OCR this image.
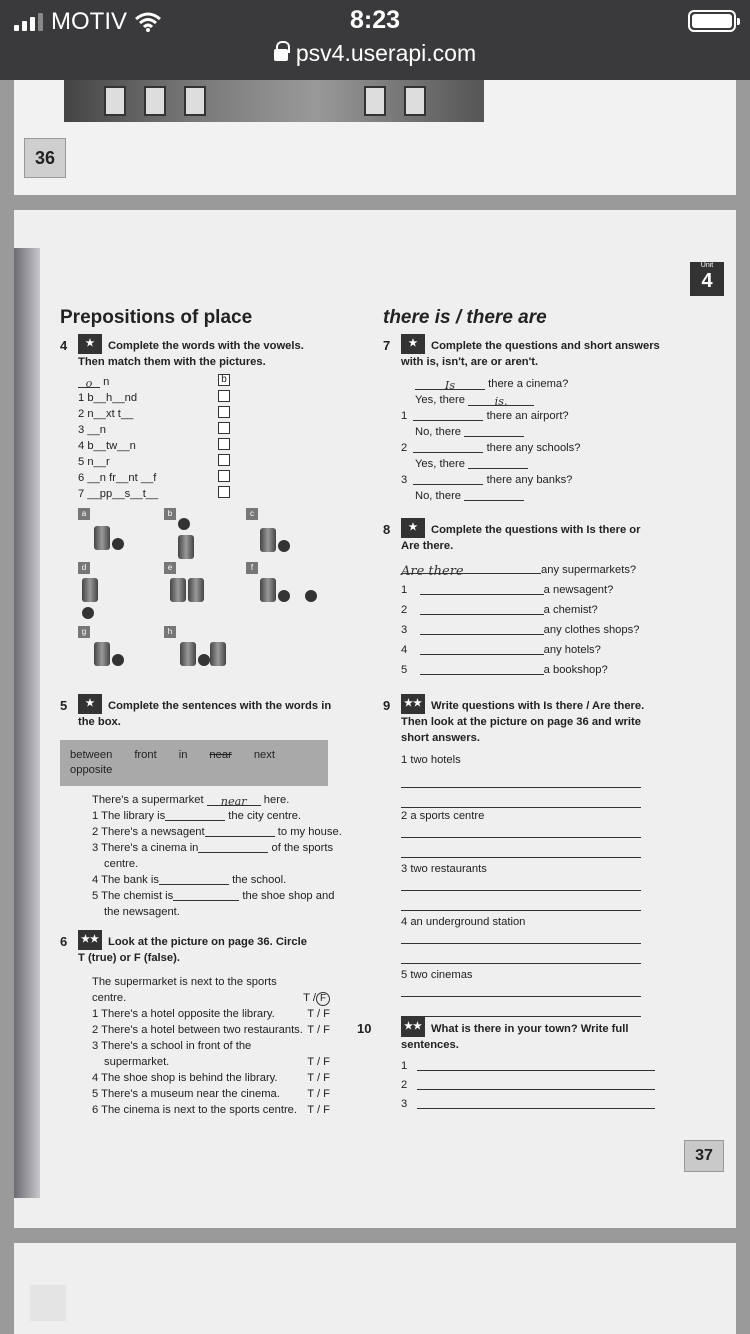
MOTIV	8:23
psv4.userapi.com
36
Unit
4
Prepositions of place
4	★	Complete the words with the vowels.
Then match them with the pictures.
o n	b
1 b__h__nd
2 n__xt t__
3 __n
4 b__tw__n
5 n__r
6 __n fr__nt __f
7 __pp__s__t__
a	b	c

d	e	f

g	h
5	★	Complete the sentences with the words in
the box.
between front in near next
opposite
There's a supermarket near here.
1 The library is	the city centre.
2 There's a newsagent	to my house.
3 There's a cinema in	of the sports
centre.
4 The bank is	the school.
5 The chemist is	the shoe shop and
the newsagent.
6	★★ Look at the picture on page 36. Circle
T (true) or F (false).
The supermarket is next to the sports
centre.	T / F
1 There's a hotel opposite the library.	T / F
2 There's a hotel between two restaurants. T / F
3 There's a school in front of the
supermarket.	T / F
4 The shoe shop is behind the library.	T / F
5 There's a museum near the cinema. T / F
6 The cinema is next to the sports centre. T / F
there is / there are
7	★	Complete the questions and short answers
with is, isn't, are or aren't.
Is	there a cinema?
Yes, there	is.
1	there an airport?
No, there
2	there any schools?
Yes, there
3	there any banks?
No, there
8	★	Complete the questions with Is there or
Are there.
Are there	any supermarkets?
1	a newsagent?
2	a chemist?
3	any clothes shops?
4	any hotels?
5	a bookshop?
9	★★ Write questions with Is there / Are there.
Then look at the picture on page 36 and write
short answers.
1 two hotels
2 a sports centre
3 two restaurants
4 an underground station
5 two cinemas
10	★★ What is there in your town? Write full
sentences.
1
2
3
37
